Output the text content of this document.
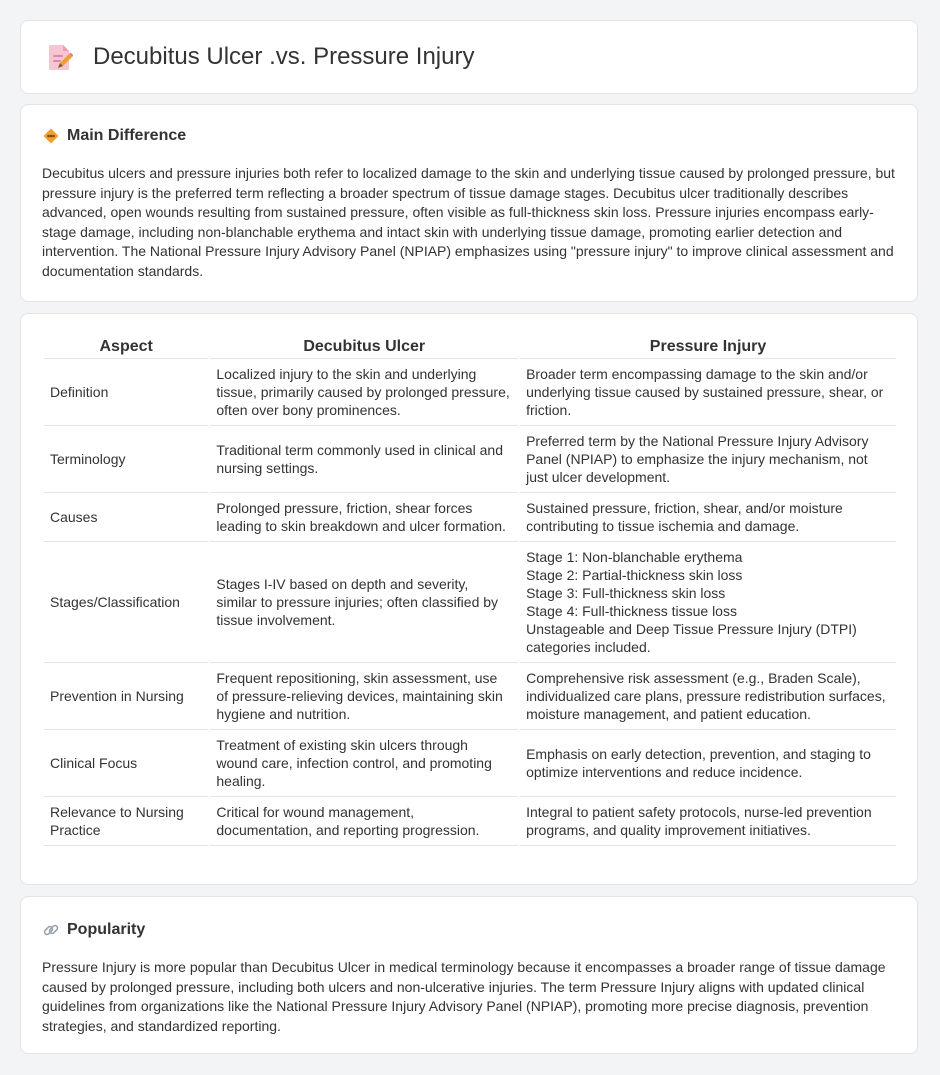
Decubitus Ulcer .vs. Pressure Injury
Main Difference

Decubitus ulcers and pressure injuries both refer to localized damage to the skin and underlying tissue caused by prolonged pressure, but pressure injury is the preferred term reflecting a broader spectrum of tissue damage stages. Decubitus ulcer traditionally describes advanced, open wounds resulting from sustained pressure, often visible as full-thickness skin loss. Pressure injuries encompass early-stage damage, including non-blanchable erythema and intact skin with underlying tissue damage, promoting earlier detection and intervention. The National Pressure Injury Advisory Panel (NPIAP) emphasizes using "pressure injury" to improve clinical assessment and documentation standards.

Aspect	Decubitus Ulcer	Pressure Injury
Definition	Localized injury to the skin and underlying tissue, primarily caused by prolonged pressure, often over bony prominences.	Broader term encompassing damage to the skin and/or underlying tissue caused by sustained pressure, shear, or friction.

Terminology	Traditional term commonly used in clinical and nursing settings.	Preferred term by the National Pressure Injury Advisory Panel (NPIAP) to emphasize the injury mechanism, not just ulcer development.

Causes	Prolonged pressure, friction, shear forces leading to skin breakdown and ulcer formation.	Sustained pressure, friction, shear, and/or moisture contributing to tissue ischemia and damage.

Stages/Classification	Stages I-IV based on depth and severity, similar to pressure injuries; often classified by tissue involvement.	Stage 1: Non-blanchable erythema
Stage 2: Partial-thickness skin loss
Stage 3: Full-thickness skin loss
Stage 4: Full-thickness tissue loss
Unstageable and Deep Tissue Pressure Injury (DTPI) categories included.

Prevention in Nursing	Frequent repositioning, skin assessment, use of pressure-relieving devices, maintaining skin hygiene and nutrition.	Comprehensive risk assessment (e.g., Braden Scale), individualized care plans, pressure redistribution surfaces, moisture management, and patient education.

Clinical Focus	Treatment of existing skin ulcers through wound care, infection control, and promoting healing.	Emphasis on early detection, prevention, and staging to optimize interventions and reduce incidence.

Relevance to Nursing Practice	Critical for wound management, documentation, and reporting progression.	Integral to patient safety protocols, nurse-led prevention programs, and quality improvement initiatives.
Popularity

Pressure Injury is more popular than Decubitus Ulcer in medical terminology because it encompasses a broader range of tissue damage caused by prolonged pressure, including both ulcers and non-ulcerative injuries. The term Pressure Injury aligns with updated clinical guidelines from organizations like the National Pressure Injury Advisory Panel (NPIAP), promoting more precise diagnosis, prevention strategies, and standardized reporting.
